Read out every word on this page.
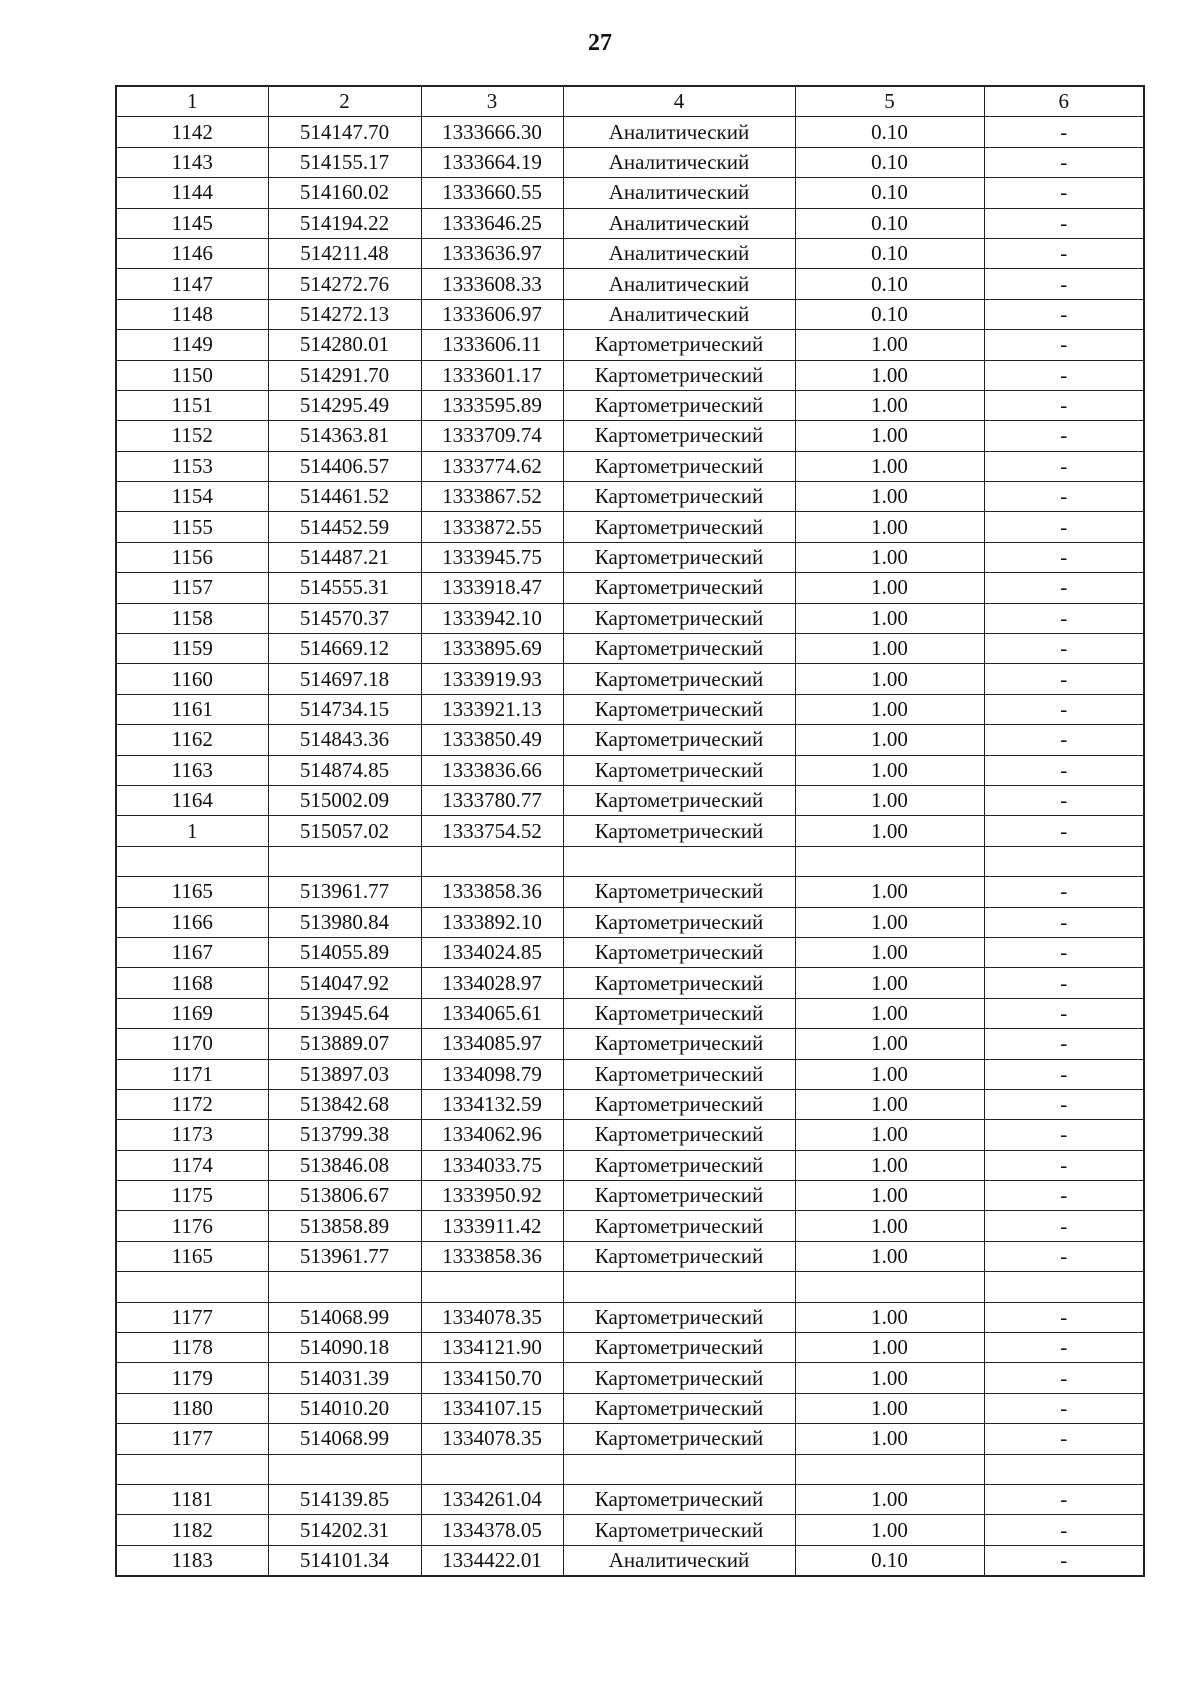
27
1	2	3	4	5	6
1142	514147.70	1333666.30	Аналитический	0.10	-
1143	514155.17	1333664.19	Аналитический	0.10	-
1144	514160.02	1333660.55	Аналитический	0.10	-
1145	514194.22	1333646.25	Аналитический	0.10	-
1146	514211.48	1333636.97	Аналитический	0.10	-
1147	514272.76	1333608.33	Аналитический	0.10	-
1148	514272.13	1333606.97	Аналитический	0.10	-
1149	514280.01	1333606.11	Картометрический	1.00	-
1150	514291.70	1333601.17	Картометрический	1.00	-
1151	514295.49	1333595.89	Картометрический	1.00	-
1152	514363.81	1333709.74	Картометрический	1.00	-
1153	514406.57	1333774.62	Картометрический	1.00	-
1154	514461.52	1333867.52	Картометрический	1.00	-
1155	514452.59	1333872.55	Картометрический	1.00	-
1156	514487.21	1333945.75	Картометрический	1.00	-
1157	514555.31	1333918.47	Картометрический	1.00	-
1158	514570.37	1333942.10	Картометрический	1.00	-
1159	514669.12	1333895.69	Картометрический	1.00	-
1160	514697.18	1333919.93	Картометрический	1.00	-
1161	514734.15	1333921.13	Картометрический	1.00	-
1162	514843.36	1333850.49	Картометрический	1.00	-
1163	514874.85	1333836.66	Картометрический	1.00	-
1164	515002.09	1333780.77	Картометрический	1.00	-
1	515057.02	1333754.52	Картометрический	1.00	-

1165	513961.77	1333858.36	Картометрический	1.00	-
1166	513980.84	1333892.10	Картометрический	1.00	-
1167	514055.89	1334024.85	Картометрический	1.00	-
1168	514047.92	1334028.97	Картометрический	1.00	-
1169	513945.64	1334065.61	Картометрический	1.00	-
1170	513889.07	1334085.97	Картометрический	1.00	-
1171	513897.03	1334098.79	Картометрический	1.00	-
1172	513842.68	1334132.59	Картометрический	1.00	-
1173	513799.38	1334062.96	Картометрический	1.00	-
1174	513846.08	1334033.75	Картометрический	1.00	-
1175	513806.67	1333950.92	Картометрический	1.00	-
1176	513858.89	1333911.42	Картометрический	1.00	-
1165	513961.77	1333858.36	Картометрический	1.00	-

1177	514068.99	1334078.35	Картометрический	1.00	-
1178	514090.18	1334121.90	Картометрический	1.00	-
1179	514031.39	1334150.70	Картометрический	1.00	-
1180	514010.20	1334107.15	Картометрический	1.00	-
1177	514068.99	1334078.35	Картометрический	1.00	-

1181	514139.85	1334261.04	Картометрический	1.00	-
1182	514202.31	1334378.05	Картометрический	1.00	-
1183	514101.34	1334422.01	Аналитический	0.10	-
